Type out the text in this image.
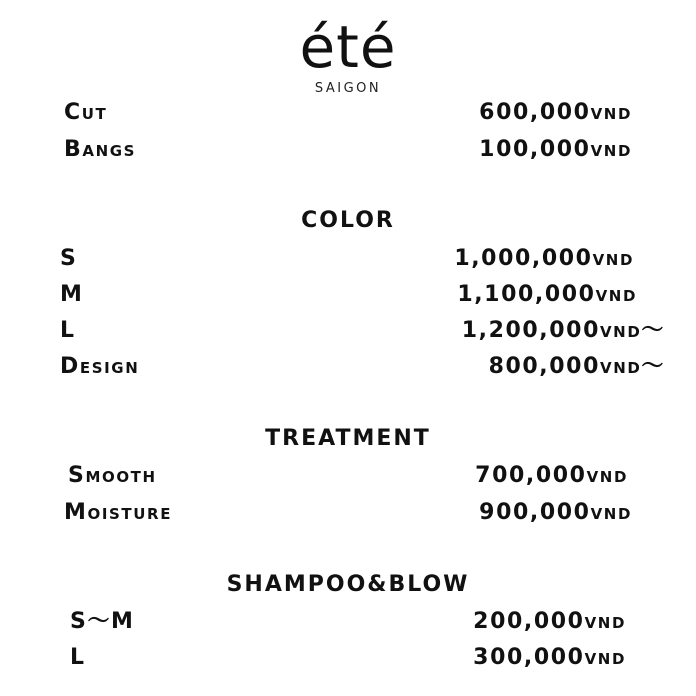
été
SAIGON
Cut	600,000vnd
Bangs	100,000vnd
COLOR
S	1,000,000vnd
M	1,100,000vnd
L	1,200,000vnd〜
Design	800,000vnd〜
TREATMENT
Smooth	700,000vnd
Moisture	900,000vnd
SHAMPOO&BLOW
S〜M	200,000vnd
L	300,000vnd
